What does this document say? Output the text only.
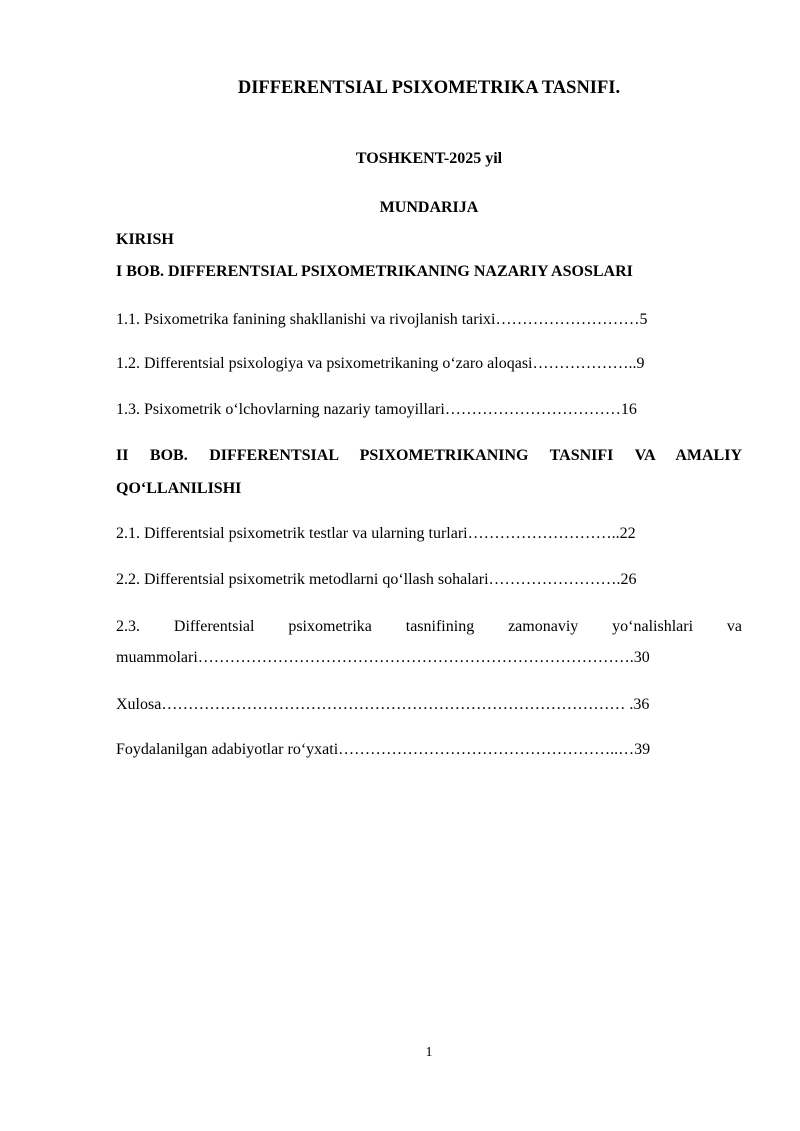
DIFFERENTSIAL PSIXOMETRIKA TASNIFI.
TOSHKENT-2025 yil
MUNDARIJA
KIRISH
I BOB. DIFFERENTSIAL PSIXOMETRIKANING NAZARIY ASOSLARI
1.1. Psixometrika fanining shakllanishi va rivojlanish tarixi………………………5
1.2. Differentsial psixologiya va psixometrikaning o‘zaro aloqasi………………..9
1.3. Psixometrik o‘lchovlarning nazariy tamoyillari……………………………16
II BOB. DIFFERENTSIAL PSIXOMETRIKANING TASNIFI VA AMALIY
QO‘LLANILISHI
2.1. Differentsial psixometrik testlar va ularning turlari………………………..22
2.2. Differentsial psixometrik metodlarni qo‘llash sohalari…………………….26
2.3. Differentsial psixometrika tasnifining zamonaviy yo‘nalishlari va
muammolari……………………………………………………………………….30
Xulosa…………………………………………………………………………… .36
Foydalanilgan adabiyotlar ro‘yxati……………………………………………..…39
1
